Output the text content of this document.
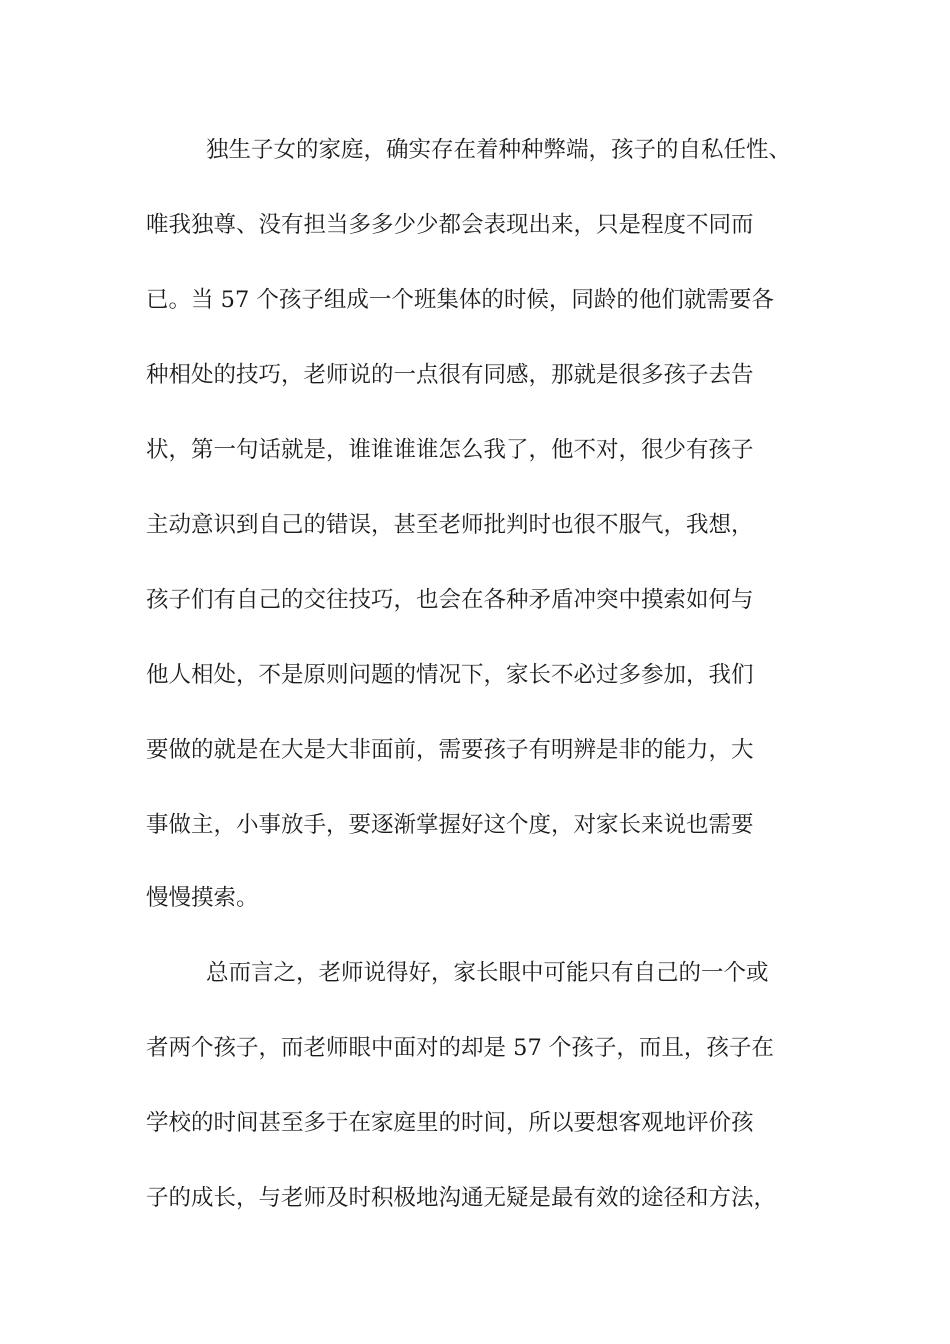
独生子女的家庭，确实存在着种种弊端，孩子的自私任性、
唯我独尊、没有担当多多少少都会表现出来，只是程度不同而
已。当 57 个孩子组成一个班集体的时候，同龄的他们就需要各
种相处的技巧，老师说的一点很有同感，那就是很多孩子去告
状，第一句话就是，谁谁谁谁怎么我了，他不对，很少有孩子
主动意识到自己的错误，甚至老师批判时也很不服气，我想，
孩子们有自己的交往技巧，也会在各种矛盾冲突中摸索如何与
他人相处，不是原则问题的情况下，家长不必过多参加，我们
要做的就是在大是大非面前，需要孩子有明辨是非的能力，大
事做主，小事放手，要逐渐掌握好这个度，对家长来说也需要
慢慢摸索。
总而言之，老师说得好，家长眼中可能只有自己的一个或
者两个孩子，而老师眼中面对的却是 57 个孩子，而且，孩子在
学校的时间甚至多于在家庭里的时间，所以要想客观地评价孩
子的成长，与老师及时积极地沟通无疑是最有效的途径和方法，
